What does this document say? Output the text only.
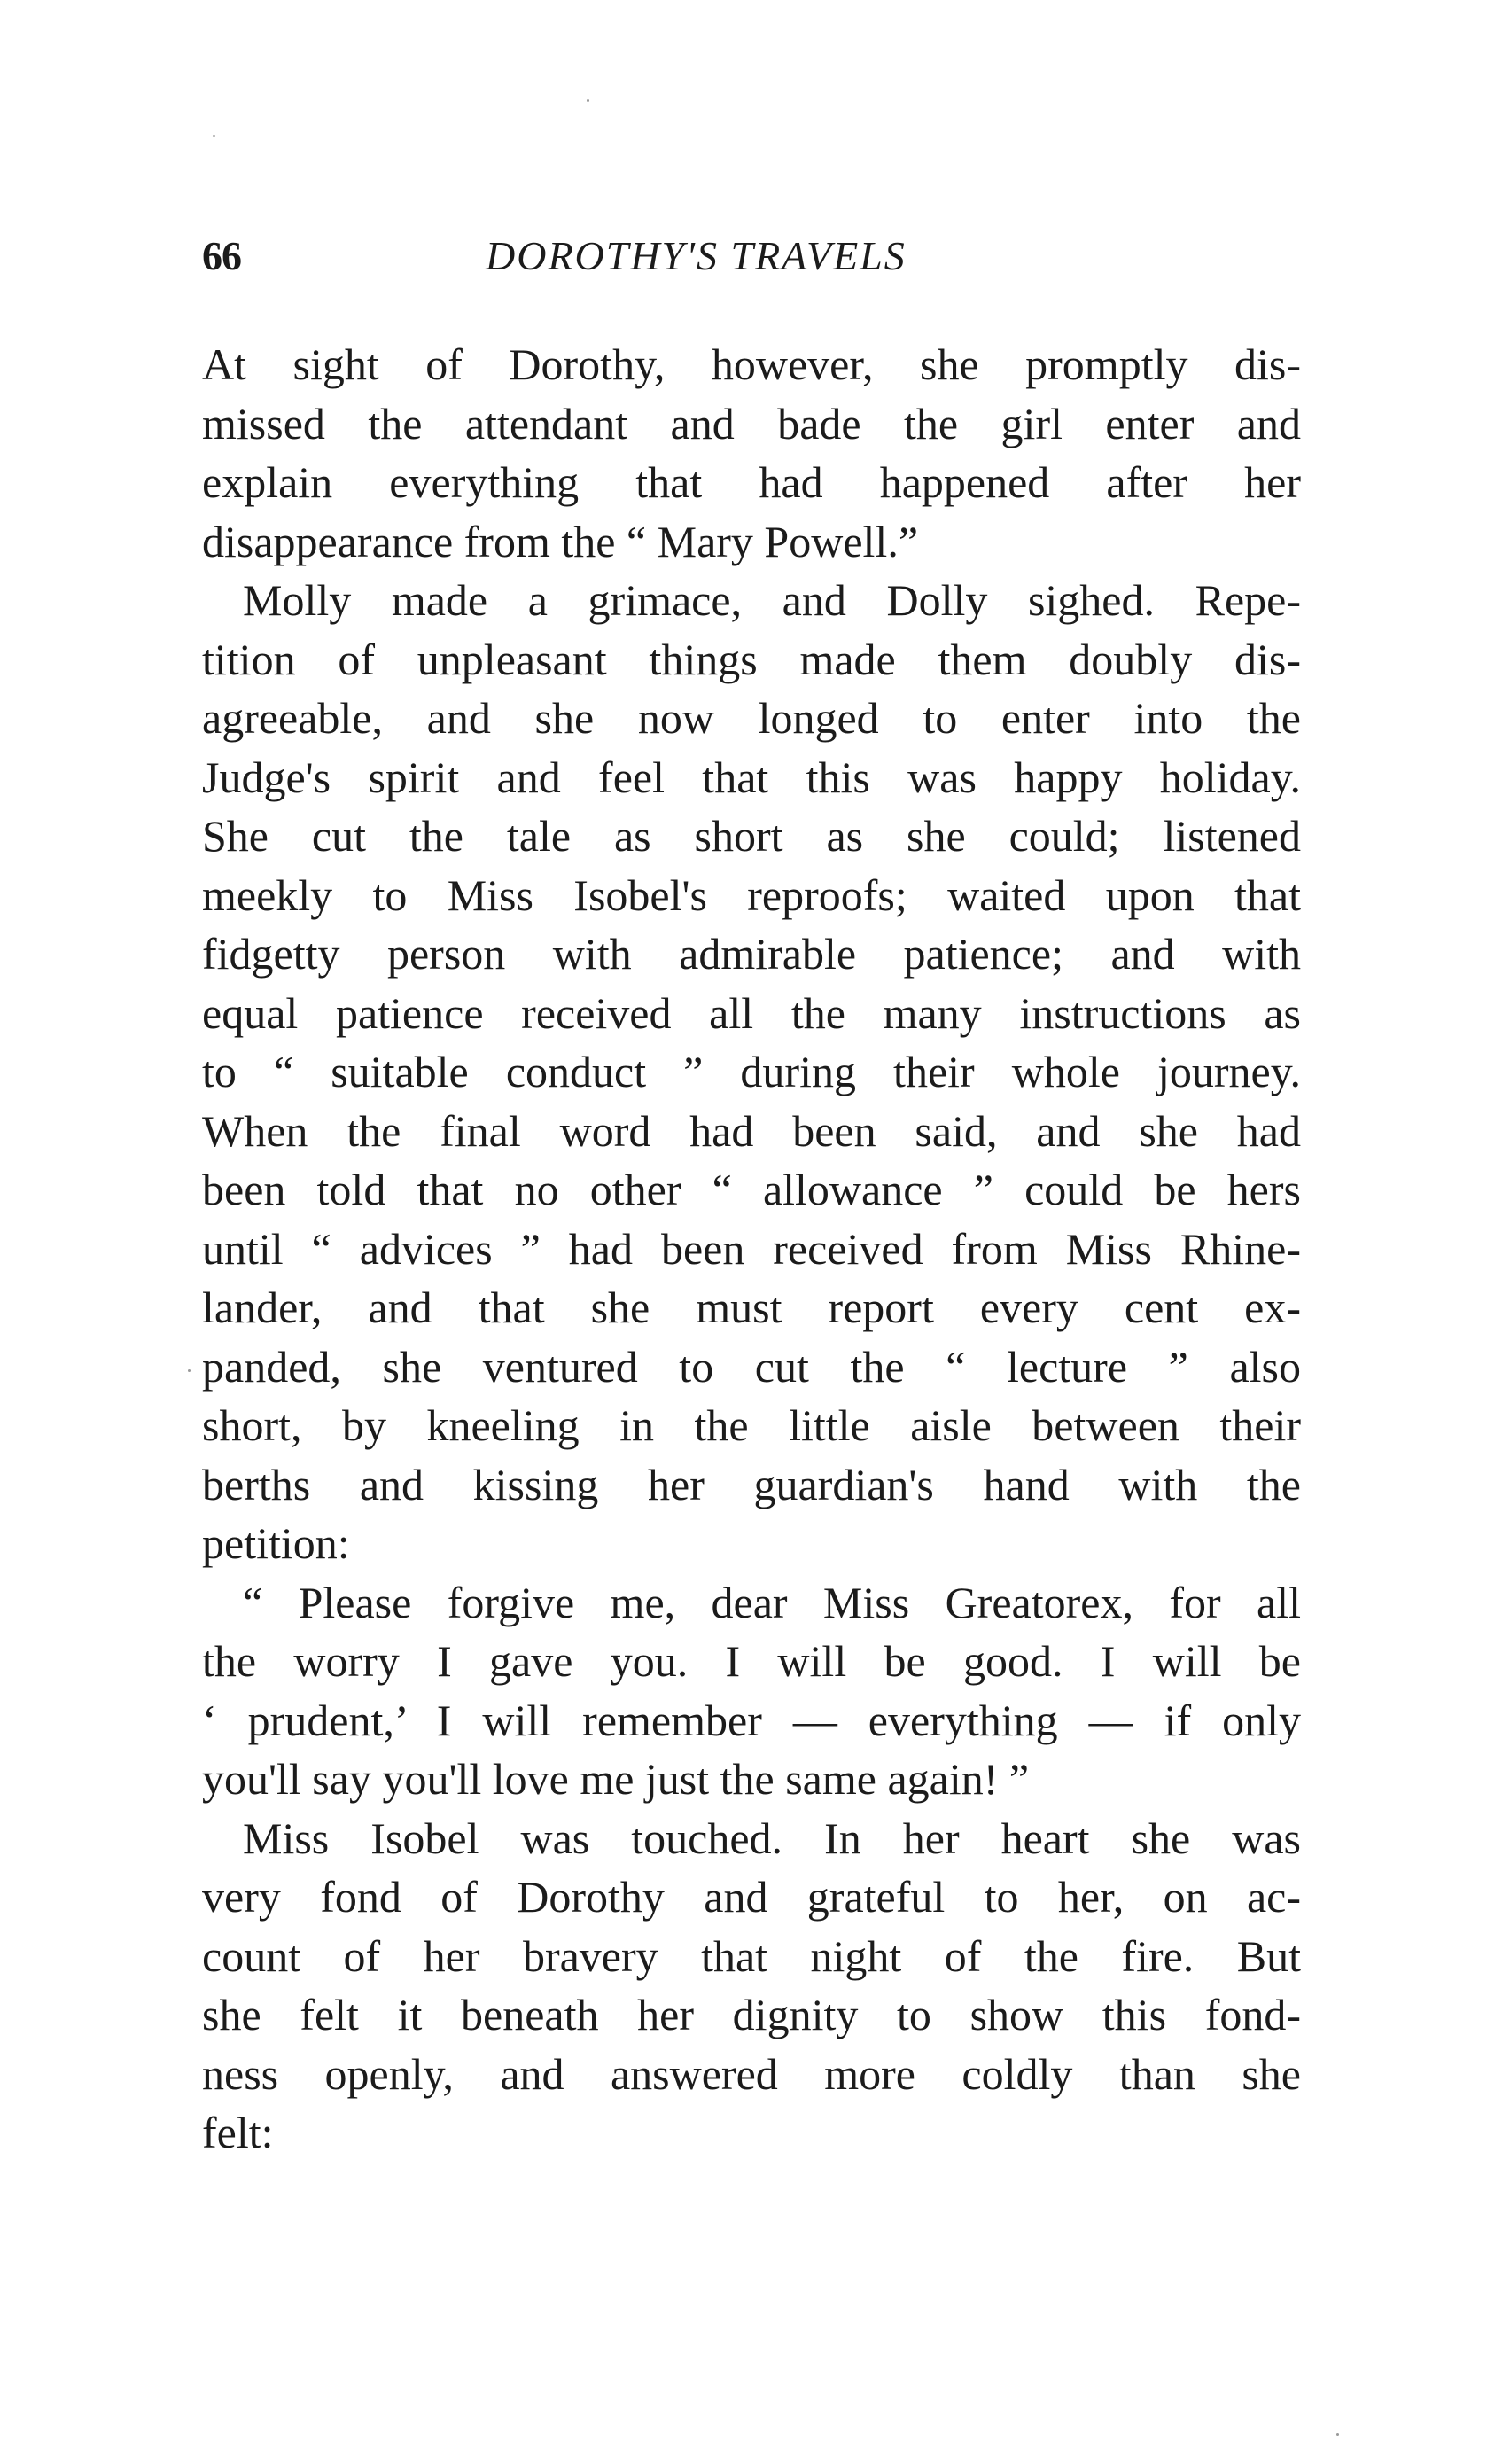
66	DOROTHY'S TRAVELS
At sight of Dorothy, however, she promptly dis-
missed the attendant and bade the girl enter and
explain everything that had happened after her
disappearance from the “ Mary Powell.”
Molly made a grimace, and Dolly sighed. Repe-
tition of unpleasant things made them doubly dis-
agreeable, and she now longed to enter into the
Judge's spirit and feel that this was happy holiday.
She cut the tale as short as she could; listened
meekly to Miss Isobel's reproofs; waited upon that
fidgetty person with admirable patience; and with
equal patience received all the many instructions as
to “ suitable conduct ” during their whole journey.
When the final word had been said, and she had
been told that no other “ allowance ” could be hers
until “ advices ” had been received from Miss Rhine-
lander, and that she must report every cent ex-
panded, she ventured to cut the “ lecture ” also
short, by kneeling in the little aisle between their
berths and kissing her guardian's hand with the
petition:
“ Please forgive me, dear Miss Greatorex, for all
the worry I gave you. I will be good. I will be
‘ prudent,’ I will remember — everything — if only
you'll say you'll love me just the same again! ”
Miss Isobel was touched. In her heart she was
very fond of Dorothy and grateful to her, on ac-
count of her bravery that night of the fire. But
she felt it beneath her dignity to show this fond-
ness openly, and answered more coldly than she
felt:
